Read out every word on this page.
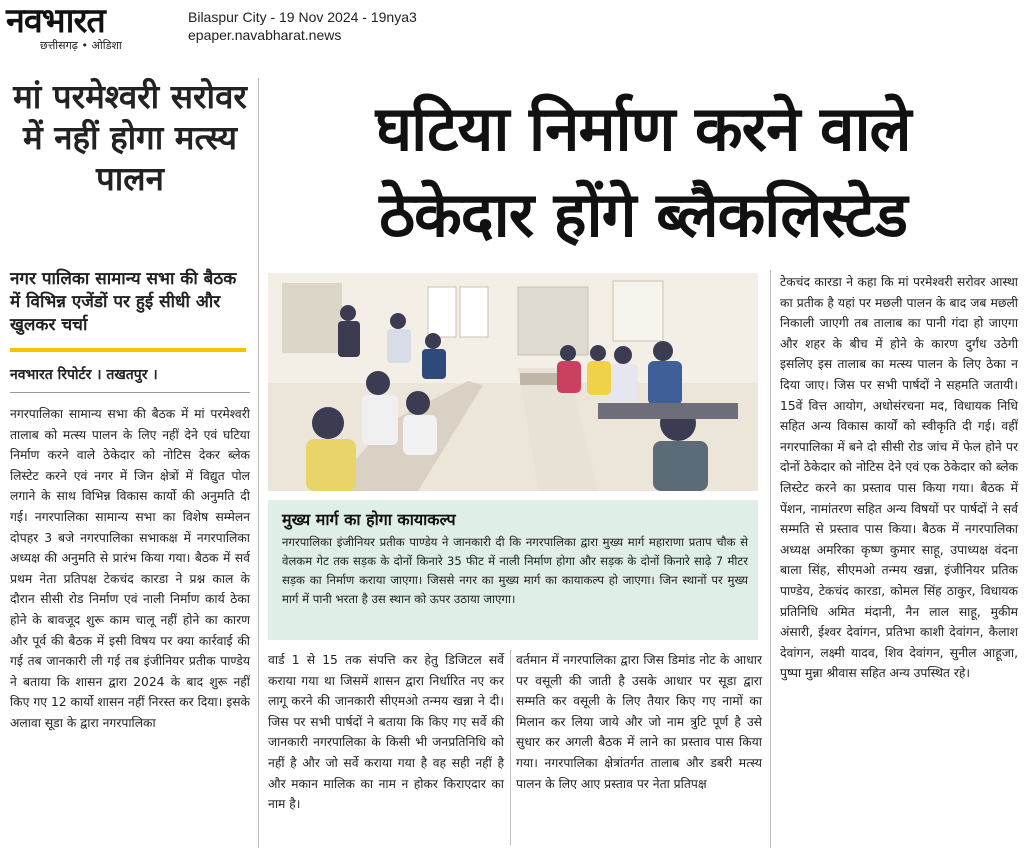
नवभारत
छत्तीसगढ़ • ओडिशा
Bilaspur City - 19 Nov 2024 - 19nya3
epaper.navabharat.news
मां परमेश्वरी सरोवर में नहीं होगा मत्स्य पालन
घटिया निर्माण करने वाले
ठेकेदार होंगे ब्लैकलिस्टेड
नगर पालिका सामान्य सभा की बैठक में विभिन्न एजेंडों पर हुई सीधी और खुलकर चर्चा
नवभारत रिपोर्टर । तखतपुर ।

नगरपालिका सामान्य सभा की बैठक में मां परमेश्वरी तालाब को मत्स्य पालन के लिए नहीं देने एवं घटिया निर्माण करने वाले ठेकेदार को नोटिस देकर ब्लेक लिस्टेट करने एवं नगर में जिन क्षेत्रों में विद्युत पोल लगाने के साथ विभिन्न विकास कार्यो की अनुमति दी गई। नगरपालिका सामान्य सभा का विशेष सम्मेलन दोपहर 3 बजे नगरपालिका सभाकक्ष में नगरपालिका अध्यक्ष की अनुमति से प्रारंभ किया गया। बैठक में सर्व प्रथम नेता प्रतिपक्ष टेकचंद कारडा ने प्रश्न काल के दौरान सीसी रोड निर्माण एवं नाली निर्माण कार्य ठेका होने के बावजूद शुरू काम चालू नहीं होने का कारण और पूर्व की बैठक में इसी विषय पर क्या कार्रवाई की गई तब जानकारी ली गई तब इंजीनियर प्रतीक पाण्डेय ने बताया कि शासन द्वारा 2024 के बाद शुरू नहीं किए गए 12 कार्यो शासन नहीं निरस्त कर दिया। इसके अलावा सूडा के द्वारा नगरपालिका

मुख्य मार्ग का होगा कायाकल्प
नगरपालिका इंजीनियर प्रतीक पाण्डेय ने जानकारी दी कि नगरपालिका द्वारा मुख्य मार्ग महाराणा प्रताप चौक से वेलकम गेट तक सड़क के दोनों किनारे 35 फीट में नाली निर्माण होगा और सड़क के दोनों किनारे साढ़े 7 मीटर सड़क का निर्माण कराया जाएगा। जिससे नगर का मुख्य मार्ग का कायाकल्प हो जाएगा। जिन स्थानों पर मुख्य मार्ग में पानी भरता है उस स्थान को ऊपर उठाया जाएगा।

वार्ड 1 से 15 तक संपत्ति कर हेतु डिजिटल सर्वे कराया गया था जिसमें शासन द्वारा निर्धारित नए कर लागू करने की जानकारी सीएमओ तन्मय खन्ना ने दी। जिस पर सभी पार्षदों ने बताया कि किए गए सर्वे की जानकारी नगरपालिका के किसी भी जनप्रतिनिधि को नहीं है और जो सर्वे कराया गया है वह सही नहीं है और मकान मालिक का नाम न होकर किराएदार का नाम है।

वर्तमान में नगरपालिका द्वारा जिस डिमांड नोट के आधार पर वसूली की जाती है उसके आधार पर सूडा द्वारा सम्मति कर वसूली के लिए तैयार किए गए नामों का मिलान कर लिया जाये और जो नाम त्रुटि पूर्ण है उसे सुधार कर अगली बैठक में लाने का प्रस्ताव पास किया गया। नगरपालिका क्षेत्रांतर्गत तालाब और डबरी मत्स्य पालन के लिए आए प्रस्ताव पर नेता प्रतिपक्ष

टेकचंद कारडा ने कहा कि मां परमेश्वरी सरोवर आस्था का प्रतीक है यहां पर मछली पालन के बाद जब मछली निकाली जाएगी तब तालाब का पानी गंदा हो जाएगा और शहर के बीच में होने के कारण दुर्गंध उठेगी इसलिए इस तालाब का मत्स्य पालन के लिए ठेका न दिया जाए। जिस पर सभी पार्षदों ने सहमति जतायी। 15वें वित्त आयोग, अधोसंरचना मद, विधायक निधि सहित अन्य विकास कार्यों को स्वीकृति दी गई। वहीं नगरपालिका में बने दो सीसी रोड जांच में फेल होने पर दोनों ठेकेदार को नोटिस देने एवं एक ठेकेदार को ब्लेक लिस्टेट करने का प्रस्ताव पास किया गया। बैठक में पेंशन, नामांतरण सहित अन्य विषयों पर पार्षदों ने सर्व सम्मति से प्रस्ताव पास किया। बैठक में नगरपालिका अध्यक्ष अमरिका कृष्ण कुमार साहू, उपाध्यक्ष वंदना बाला सिंह, सीएमओ तन्मय खन्ना, इंजीनियर प्रतिक पाण्डेय, टेकचंद कारडा, कोमल सिंह ठाकुर, विधायक प्रतिनिधि अमित मंदानी, नैन लाल साहू, मुकीम अंसारी, ईश्वर देवांगन, प्रतिभा काशी देवांगन, कैलाश देवांगन, लक्ष्मी यादव, शिव देवांगन, सुनील आहूजा, पुष्पा मुन्ना श्रीवास सहित अन्य उपस्थित रहे।
